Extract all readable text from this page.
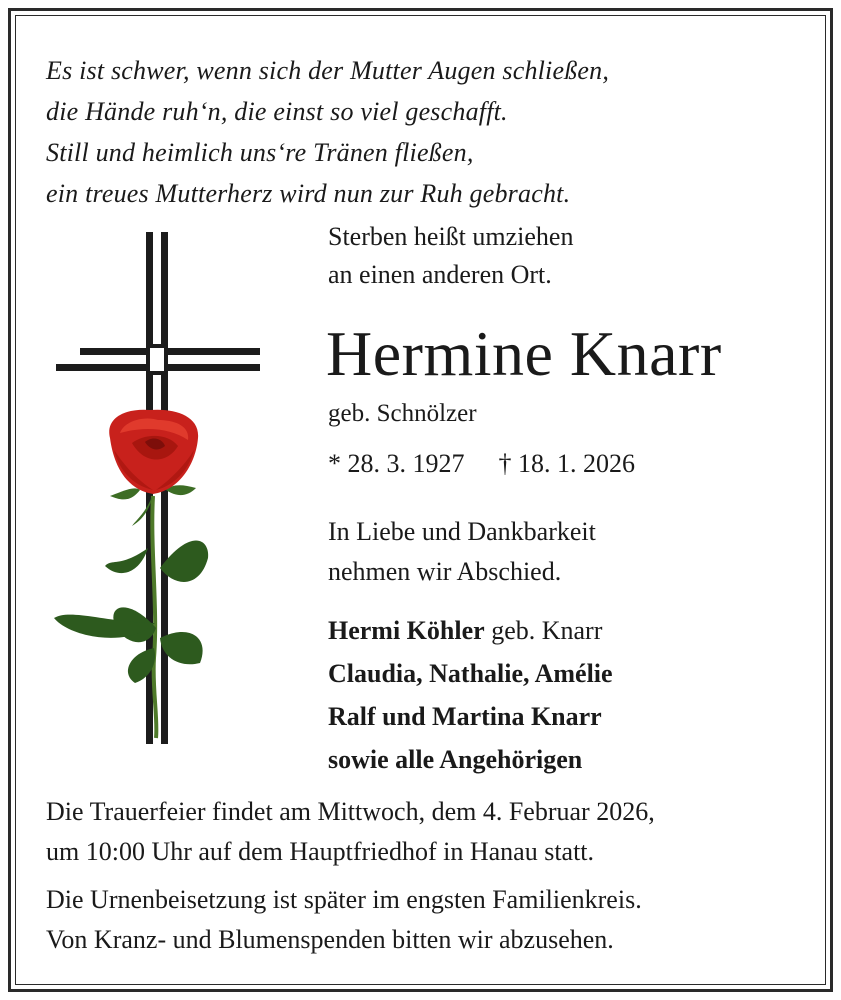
Es ist schwer, wenn sich der Mutter Augen schließen,
die Hände ruh‘n, die einst so viel geschafft.
Still und heimlich uns‘re Tränen fließen,
ein treues Mutterherz wird nun zur Ruh gebracht.
Sterben heißt umziehen
an einen anderen Ort.
Hermine Knarr
geb. Schnölzer
* 28. 3. 1927 † 18. 1. 2026
In Liebe und Dankbarkeit
nehmen wir Abschied.
Hermi Köhler geb. Knarr
Claudia, Nathalie, Amélie
Ralf und Martina Knarr
sowie alle Angehörigen
Die Trauerfeier findet am Mittwoch, dem 4. Februar 2026,
um 10:00 Uhr auf dem Hauptfriedhof in Hanau statt.
Die Urnenbeisetzung ist später im engsten Familienkreis.
Von Kranz- und Blumenspenden bitten wir abzusehen.
